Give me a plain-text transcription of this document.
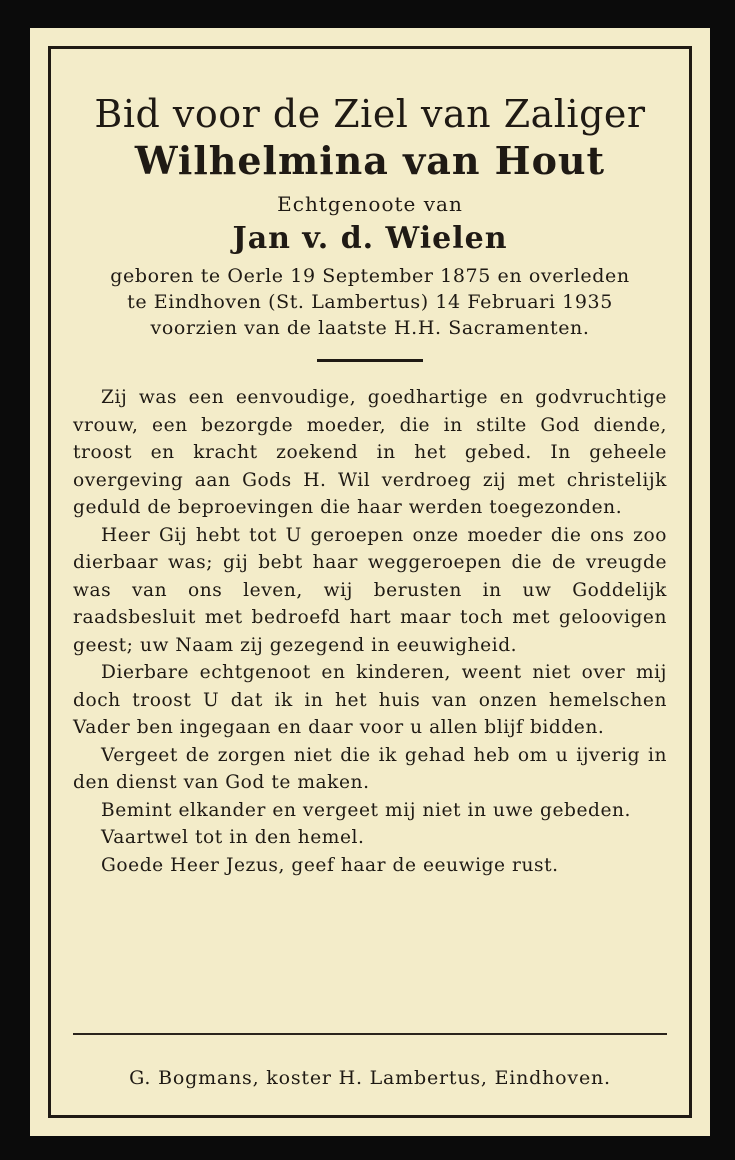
Bid voor de Ziel van Zaliger
Wilhelmina van Hout

Echtgenoote van

Jan v. d. Wielen

geboren te Oerle 19 September 1875 en overleden
te Eindhoven (St. Lambertus) 14 Februari 1935
voorzien van de laatste H.H. Sacramenten.

Zij was een eenvoudige, goedhartige en godvruchtige vrouw, een bezorgde moeder, die in stilte God diende, troost en kracht zoekend in het gebed. In geheele overgeving aan Gods H. Wil verdroeg zij met christelijk geduld de beproevingen die haar werden toegezonden.

Heer Gij hebt tot U geroepen onze moeder die ons zoo dierbaar was; gij bebt haar weggeroepen die de vreugde was van ons leven, wij berusten in uw Goddelijk raadsbesluit met bedroefd hart maar toch met geloovigen geest; uw Naam zij gezegend in eeuwigheid.

Dierbare echtgenoot en kinderen, weent niet over mij doch troost U dat ik in het huis van onzen hemelschen Vader ben ingegaan en daar voor u allen blijf bidden.

Vergeet de zorgen niet die ik gehad heb om u ijverig in den dienst van God te maken.

Bemint elkander en vergeet mij niet in uwe gebeden.

Vaartwel tot in den hemel.

Goede Heer Jezus, geef haar de eeuwige rust.

G. Bogmans, koster H. Lambertus, Eindhoven.
